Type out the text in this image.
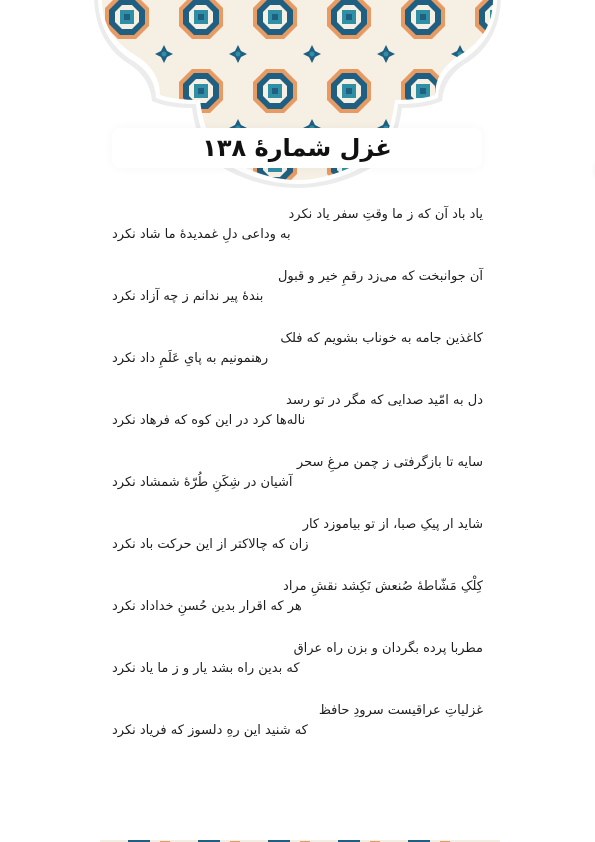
غزل شمارهٔ ۱۳۸
یاد باد آن که ز ما وقتِ سفر یاد نکرد
به وداعی دلِ غمدیدهٔ ما شاد نکرد
آن جوانبخت که می‌زد رقمِ خیر و قبول
بندهٔ پیر ندانم ز چه آزاد نکرد
کاغذین جامه به خوناب بشویم که فلک
رهنمونیم به پایِ عَلَمِ داد نکرد
دل به امّید صدایی که مگر در تو رسد
ناله‌ها کرد در این کوه که فرهاد نکرد
سایه تا بازگرفتی ز چمن مرغِ سحر
آشیان در شِکَنِ طُرّهٔ شمشاد نکرد
شاید ار پیکِ صبا، از تو بیاموزد کار
زان که چالاکتر از این حرکت باد نکرد
کِلْکِ مَشّاطهٔ صُنعش نَکِشد نقشِ مراد
هر که اقرار بدین حُسنِ خداداد نکرد
مطربا پرده بگردان و بزن راه عراق
که بدین راه بشد یار و ز ما یاد نکرد
غزلیاتِ عراقیست سرودِ حافظ
که شنید این رهِ دلسوز که فریاد نکرد
